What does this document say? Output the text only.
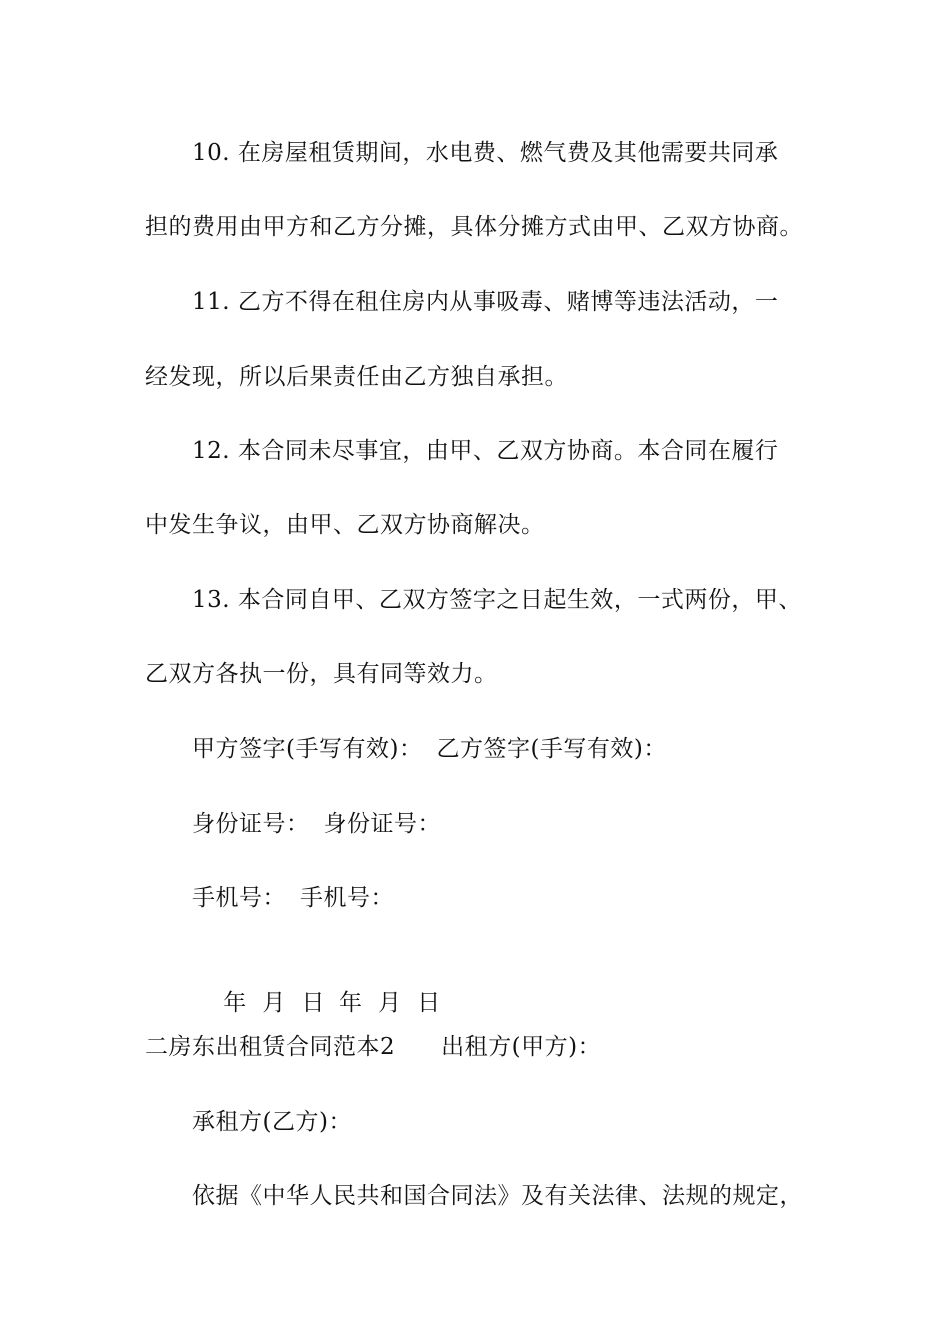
10. 在房屋租赁期间，水电费、燃气费及其他需要共同承
担的费用由甲方和乙方分摊，具体分摊方式由甲、乙双方协商。
11. 乙方不得在租住房内从事吸毒、赌博等违法活动，一
经发现，所以后果责任由乙方独自承担。
12. 本合同未尽事宜，由甲、乙双方协商。本合同在履行
中发生争议，由甲、乙双方协商解决。
13. 本合同自甲、乙双方签字之日起生效，一式两份，甲、
乙双方各执一份，具有同等效力。
甲方签字(手写有效)： 乙方签字(手写有效)：
身份证号： 身份证号：
手机号： 手机号：

年  月  日 年  月  日

二房东出租赁合同范本2 出租方(甲方)：
承租方(乙方)：
依据《中华人民共和国合同法》及有关法律、法规的规定，
